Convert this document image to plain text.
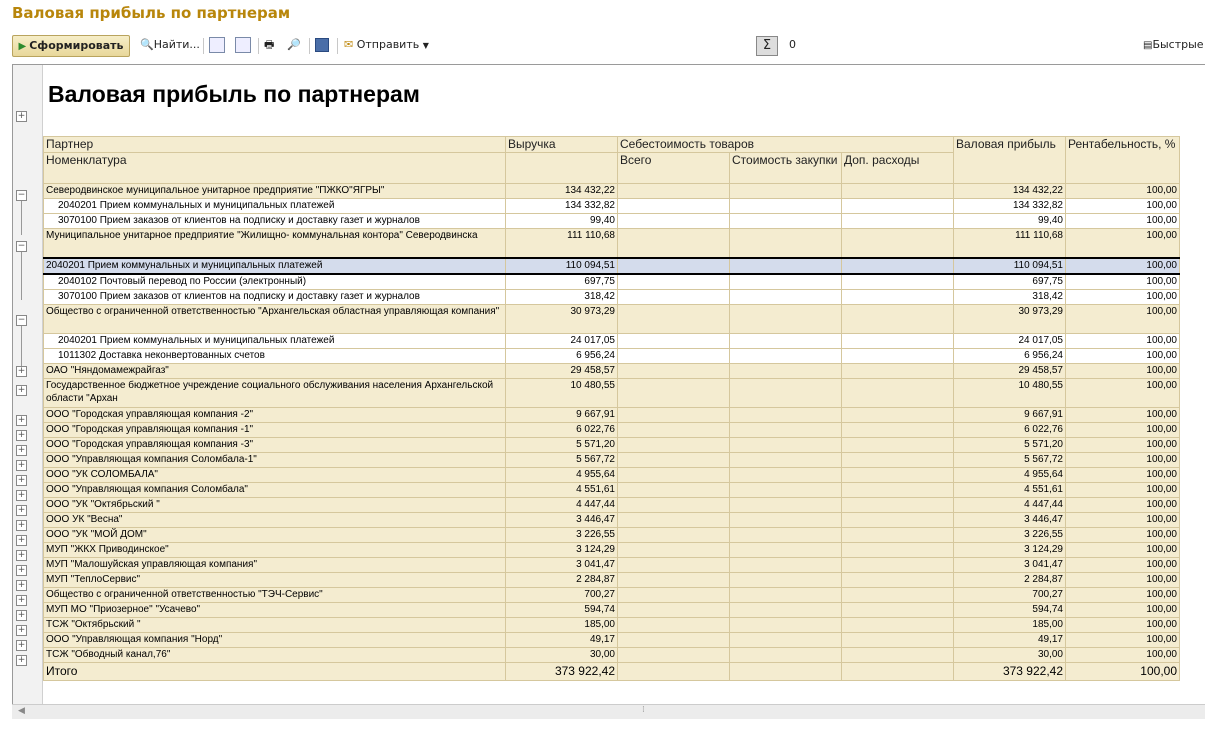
Валовая прибыль по партнерам
▶ Сформировать	🔍Найти...	🖶 🔎	✉ Отправить ▼	Σ	0	▤Быстрые
+
−
−
−
+
+
+
+
+
+
+
+
+
+
+
+
+
+
+
+
+
+
+
Валовая прибыль по партнерам
Партнер	Выручка	Себестоимость товаров			Валовая прибыль	Рентабельность, %
Номенклатура		Всего	Стоимость закупки	Доп. расходы		
Северодвинское муниципальное унитарное предприятие "ПЖКО"ЯГРЫ"	134 432,22				134 432,22	100,00
2040201 Прием коммунальных и муниципальных платежей	134 332,82				134 332,82	100,00
3070100 Прием заказов от клиентов на подписку и доставку газет и журналов	99,40				99,40	100,00
Муниципальное унитарное предприятие "Жилищно- коммунальная контора" Северодвинска	111 110,68				111 110,68	100,00
2040201 Прием коммунальных и муниципальных платежей	110 094,51				110 094,51	100,00
2040102 Почтовый перевод по России (электронный)	697,75				697,75	100,00
3070100 Прием заказов от клиентов на подписку и доставку газет и журналов	318,42				318,42	100,00
Общество с ограниченной ответственностью "Архангельская областная управляющая компания"	30 973,29				30 973,29	100,00
2040201 Прием коммунальных и муниципальных платежей	24 017,05				24 017,05	100,00
1011302 Доставка неконвертованных счетов	6 956,24				6 956,24	100,00
ОАО "Няндомамежрайгаз"	29 458,57				29 458,57	100,00
Государственное бюджетное учреждение социального обслуживания населения Архангельской области "Архан	10 480,55				10 480,55	100,00
ООО "Городская управляющая компания -2"	9 667,91				9 667,91	100,00
ООО "Городская управляющая компания -1"	6 022,76				6 022,76	100,00
ООО "Городская управляющая компания -3"	5 571,20				5 571,20	100,00
ООО "Управляющая компания Соломбала-1"	5 567,72				5 567,72	100,00
ООО "УК СОЛОМБАЛА"	4 955,64				4 955,64	100,00
ООО "Управляющая компания Соломбала"	4 551,61				4 551,61	100,00
ООО "УК "Октябрьский "	4 447,44				4 447,44	100,00
ООО УК "Весна"	3 446,47				3 446,47	100,00
ООО "УК "МОЙ ДОМ"	3 226,55				3 226,55	100,00
МУП "ЖКХ Приводинское"	3 124,29				3 124,29	100,00
МУП "Малошуйская управляющая компания"	3 041,47				3 041,47	100,00
МУП "ТеплоСервис"	2 284,87				2 284,87	100,00
Общество с ограниченной ответственностью "ТЭЧ-Сервис"	700,27				700,27	100,00
МУП МО "Приозерное" "Усачево"	594,74				594,74	100,00
ТСЖ "Октябрьский "	185,00				185,00	100,00
ООО "Управляющая компания "Норд"	49,17				49,17	100,00
ТСЖ "Обводный канал,76"	30,00				30,00	100,00
Итого	373 922,42				373 922,42	100,00
◀	⁞
